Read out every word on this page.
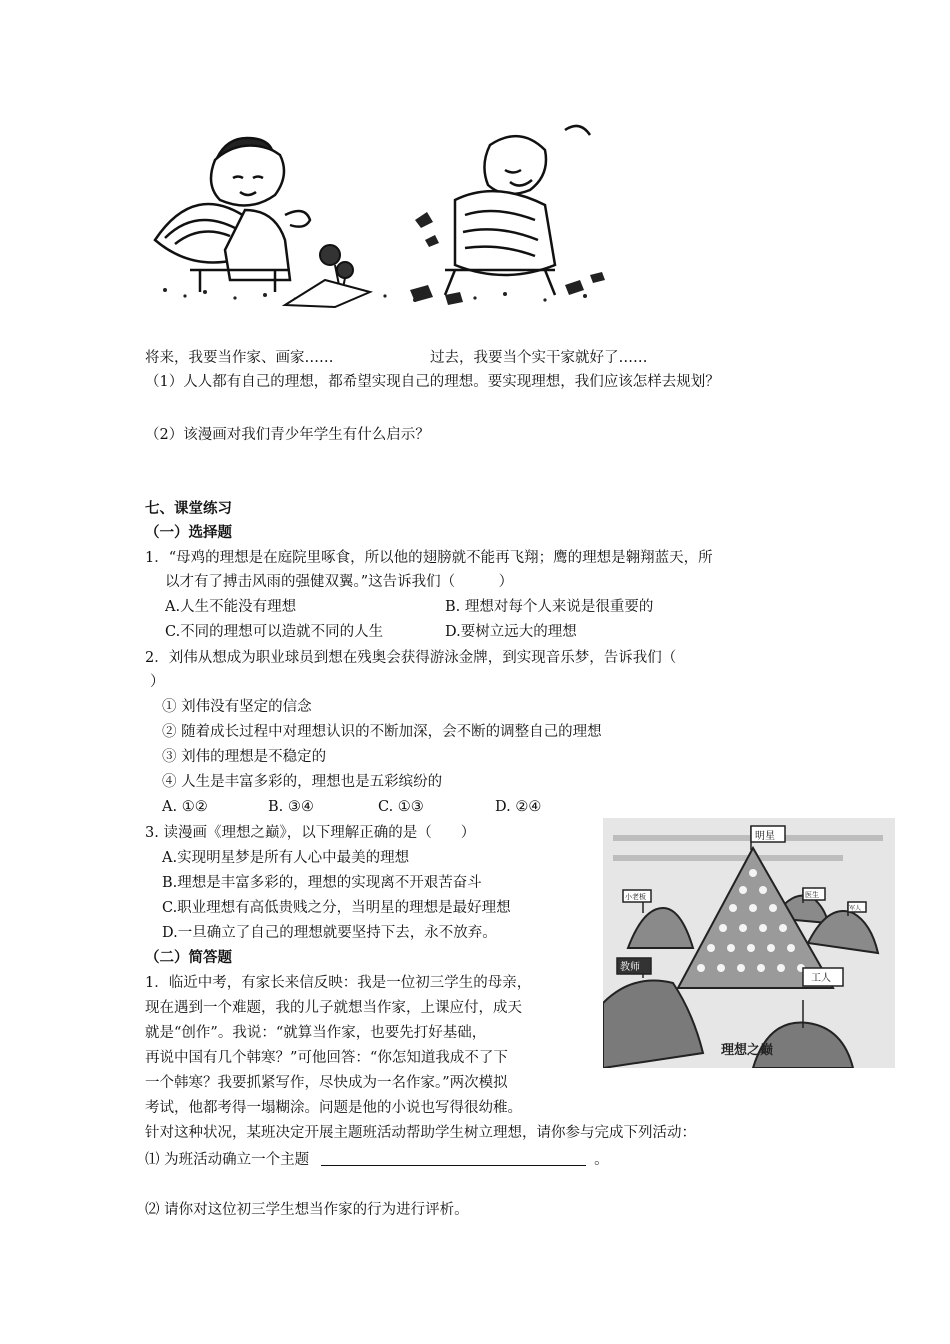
将来，我要当作家、画家……	过去，我要当个实干家就好了……
（1）人人都有自己的理想，都希望实现自己的理想。要实现理想，我们应该怎样去规划？
（2）该漫画对我们青少年学生有什么启示？
七、课堂练习
（一）选择题
1．“母鸡的理想是在庭院里啄食，所以他的翅膀就不能再飞翔；鹰的理想是翱翔蓝天，所
以才有了搏击风雨的强健双翼。”这告诉我们（　　　）
A.人生不能没有理想	B. 理想对每个人来说是很重要的
C.不同的理想可以造就不同的人生	D.要树立远大的理想
2．刘伟从想成为职业球员到想在残奥会获得游泳金牌，到实现音乐梦，告诉我们（
）
① 刘伟没有坚定的信念
② 随着成长过程中对理想认识的不断加深，会不断的调整自己的理想
③ 刘伟的理想是不稳定的
④ 人生是丰富多彩的，理想也是五彩缤纷的
A. ①②	B. ③④	C. ①③	D. ②④
3. 读漫画《理想之巅》，以下理解正确的是（　　）
A.实现明星梦是所有人心中最美的理想
B.理想是丰富多彩的，理想的实现离不开艰苦奋斗
C.职业理想有高低贵贱之分，当明星的理想是最好理想
D.一旦确立了自己的理想就要坚持下去，永不放弃。
（二）简答题
1．临近中考，有家长来信反映：我是一位初三学生的母亲，
现在遇到一个难题，我的儿子就想当作家，上课应付，成天
就是“创作”。我说：“就算当作家，也要先打好基础，
再说中国有几个韩寒？”可他回答：“你怎知道我成不了下
一个韩寒？我要抓紧写作，尽快成为一名作家。”两次模拟
考试，他都考得一塌糊涂。问题是他的小说也写得很幼稚。
针对这种状况，某班决定开展主题班活动帮助学生树立理想，请你参与完成下列活动：
⑴ 为班活动确立一个主题	。
⑵ 请你对这位初三学生想当作家的行为进行评析。
明星
小老板	医生
军人
教师
工人
理想之巅
